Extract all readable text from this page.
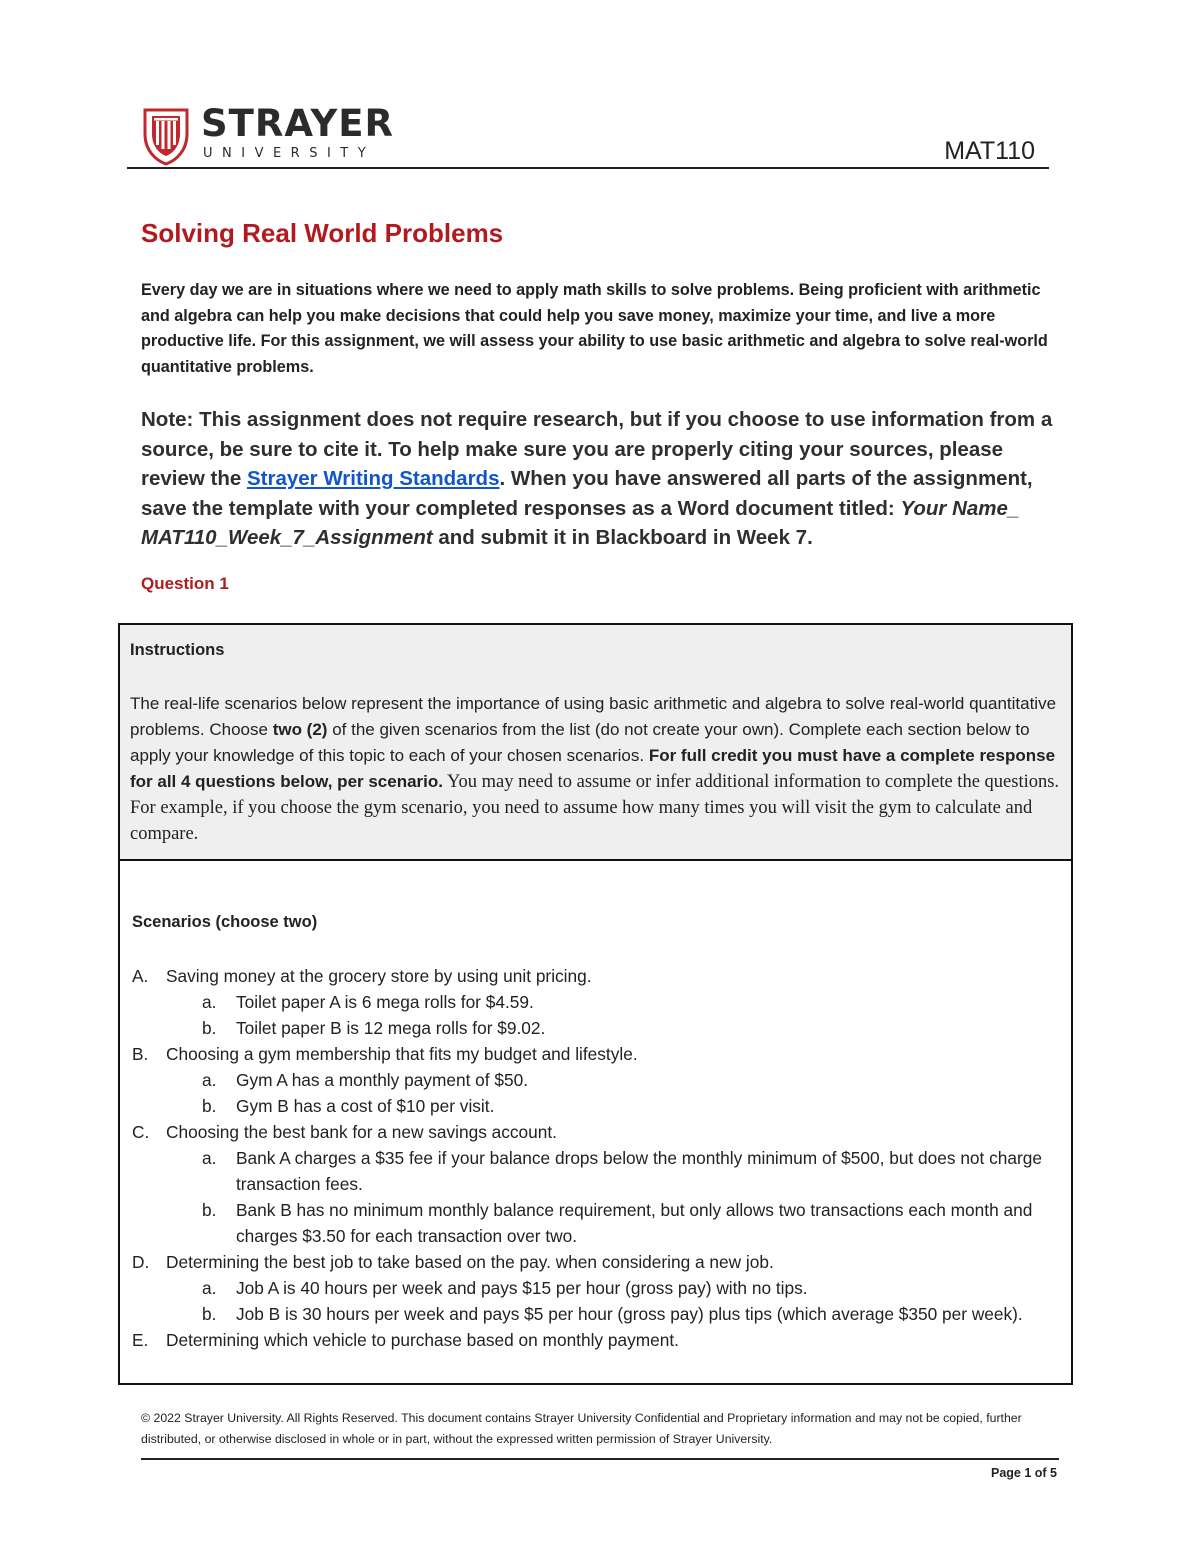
STRAYER
UNIVERSITY	MAT110
Solving Real World Problems

Every day we are in situations where we need to apply math skills to solve problems. Being proficient with arithmetic and algebra can help you make decisions that could help you save money, maximize your time, and live a more productive life. For this assignment, we will assess your ability to use basic arithmetic and algebra to solve real-world quantitative problems.

Note: This assignment does not require research, but if you choose to use information from a source, be sure to cite it. To help make sure you are properly citing your sources, please review the Strayer Writing Standards. When you have answered all parts of the assignment, save the template with your completed responses as a Word document titled: Your Name_ MAT110_Week_7_Assignment and submit it in Blackboard in Week 7.

Question 1

Instructions

The real-life scenarios below represent the importance of using basic arithmetic and algebra to solve real-world quantitative problems. Choose two (2) of the given scenarios from the list (do not create your own). Complete each section below to apply your knowledge of this topic to each of your chosen scenarios. For full credit you must have a complete response for all 4 questions below, per scenario. You may need to assume or infer additional information to complete the questions. For example, if you choose the gym scenario, you need to assume how many times you will visit the gym to calculate and compare.

Scenarios (choose two)

A.	Saving money at the grocery store by using unit pricing.
a.	Toilet paper A is 6 mega rolls for $4.59.
b.	Toilet paper B is 12 mega rolls for $9.02.
B.	Choosing a gym membership that fits my budget and lifestyle.
a.	Gym A has a monthly payment of $50.
b.	Gym B has a cost of $10 per visit.
C. Choosing the best bank for a new savings account.
a.	Bank A charges a $35 fee if your balance drops below the monthly minimum of $500, but does not charge transaction fees.
b.	Bank B has no minimum monthly balance requirement, but only allows two transactions each month and charges $3.50 for each transaction over two.
D. Determining the best job to take based on the pay. when considering a new job.
a.	Job A is 40 hours per week and pays $15 per hour (gross pay) with no tips.
b.	Job B is 30 hours per week and pays $5 per hour (gross pay) plus tips (which average $350 per week).
E.	Determining which vehicle to purchase based on monthly payment.

© 2022 Strayer University. All Rights Reserved. This document contains Strayer University Confidential and Proprietary information and may not be copied, further distributed, or otherwise disclosed in whole or in part, without the expressed written permission of Strayer University.

Page 1 of 5
